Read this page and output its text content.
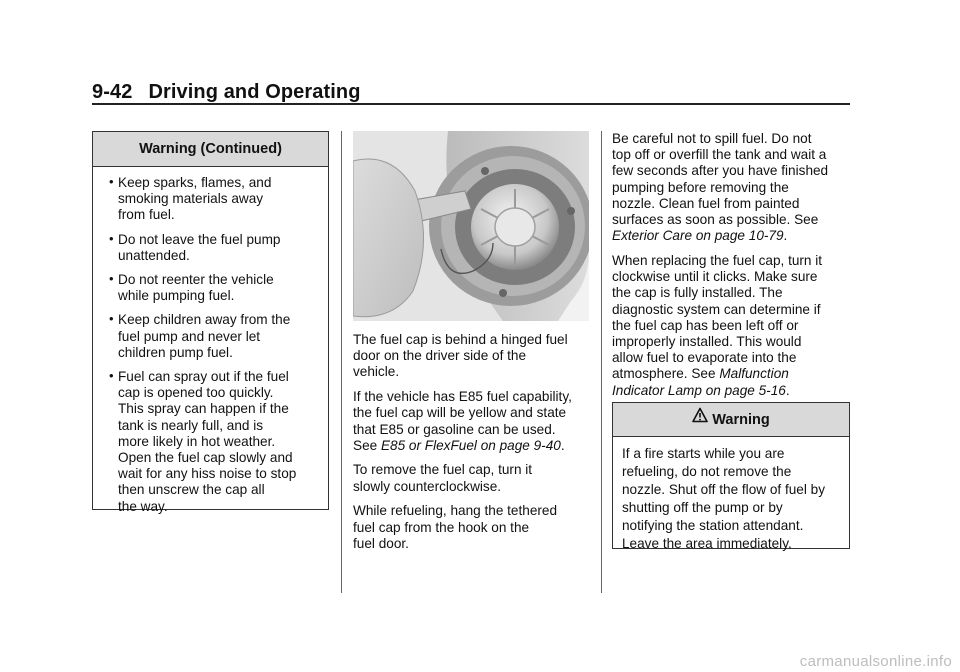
9-42 Driving and Operating
Warning (Continued)
• Keep sparks, flames, and
smoking materials away
from fuel.
• Do not leave the fuel pump
unattended.
• Do not reenter the vehicle
while pumping fuel.
• Keep children away from the
fuel pump and never let
children pump fuel.
• Fuel can spray out if the fuel
cap is opened too quickly.
This spray can happen if the
tank is nearly full, and is
more likely in hot weather.
Open the fuel cap slowly and
wait for any hiss noise to stop
then unscrew the cap all
the way.

The fuel cap is behind a hinged fuel
door on the driver side of the
vehicle.

If the vehicle has E85 fuel capability,
the fuel cap will be yellow and state
that E85 or gasoline can be used.
See E85 or FlexFuel on page 9-40.

To remove the fuel cap, turn it
slowly counterclockwise.

While refueling, hang the tethered
fuel cap from the hook on the
fuel door.

Be careful not to spill fuel. Do not
top off or overfill the tank and wait a
few seconds after you have finished
pumping before removing the
nozzle. Clean fuel from painted
surfaces as soon as possible. See
Exterior Care on page 10-79.

When replacing the fuel cap, turn it
clockwise until it clicks. Make sure
the cap is fully installed. The
diagnostic system can determine if
the fuel cap has been left off or
improperly installed. This would
allow fuel to evaporate into the
atmosphere. See Malfunction
Indicator Lamp on page 5-16.

Warning
If a fire starts while you are
refueling, do not remove the
nozzle. Shut off the flow of fuel by
shutting off the pump or by
notifying the station attendant.
Leave the area immediately.
carmanualsonline.info
